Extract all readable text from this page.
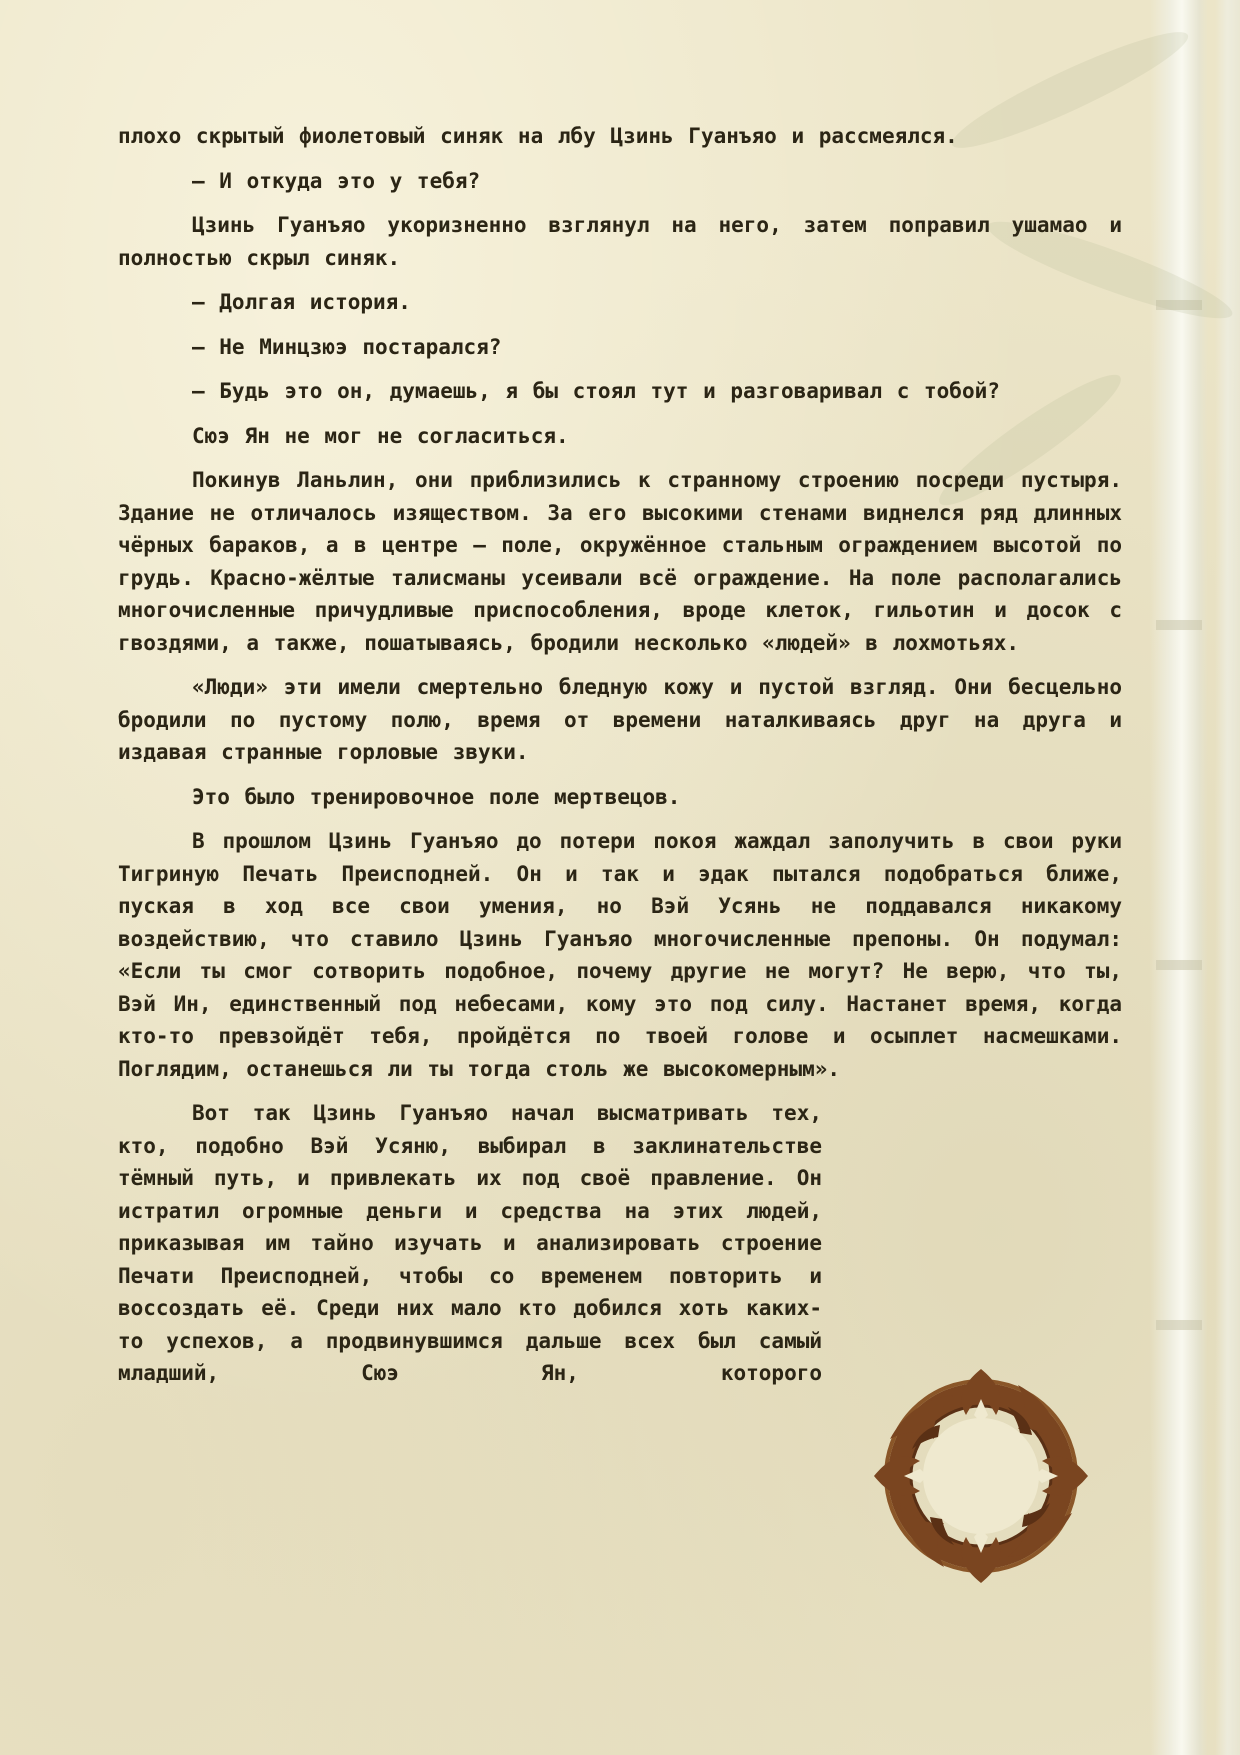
плохо скрытый фиолетовый синяк на лбу Цзинь Гуанъяо и рассмеялся.

— И откуда это у тебя?

Цзинь Гуанъяо укоризненно взглянул на него, затем поправил ушамао и полностью скрыл синяк.

— Долгая история.

— Не Минцзюэ постарался?

— Будь это он, думаешь, я бы стоял тут и разговаривал с тобой?

Сюэ Ян не мог не согласиться.

Покинув Ланьлин, они приблизились к странному строению посреди пустыря. Здание не отличалось изяществом. За его высокими стенами виднелся ряд длинных чёрных бараков, а в центре — поле, окружённое стальным ограждением высотой по грудь. Красно-жёлтые талисманы усеивали всё ограждение. На поле располагались многочисленные причудливые приспособления, вроде клеток, гильотин и досок с гвоздями, а также, пошатываясь, бродили несколько «людей» в лохмотьях.

«Люди» эти имели смертельно бледную кожу и пустой взгляд. Они бесцельно бродили по пустому полю, время от времени наталкиваясь друг на друга и издавая странные горловые звуки.

Это было тренировочное поле мертвецов.

В прошлом Цзинь Гуанъяо до потери покоя жаждал заполучить в свои руки Тигриную Печать Преисподней. Он и так и эдак пытался подобраться ближе, пуская в ход все свои умения, но Вэй Усянь не поддавался никакому воздействию, что ставило Цзинь Гуанъяо многочисленные препоны. Он подумал: «Если ты смог сотворить подобное, почему другие не могут? Не верю, что ты, Вэй Ин, единственный под небесами, кому это под силу. Настанет время, когда кто-то превзойдёт тебя, пройдётся по твоей голове и осыплет насмешками. Поглядим, останешься ли ты тогда столь же высокомерным».

Вот так Цзинь Гуанъяо начал высматривать тех, кто, подобно Вэй Усяню, выбирал в заклинательстве тёмный путь, и привлекать их под своё правление. Он истратил огромные деньги и средства на этих людей, приказывая им тайно изучать и анализировать строение Печати Преисподней, чтобы со временем повторить и воссоздать её. Среди них мало кто добился хоть каких-то успехов, а продвинувшимся дальше всех был самый младший, Сюэ Ян, которого
